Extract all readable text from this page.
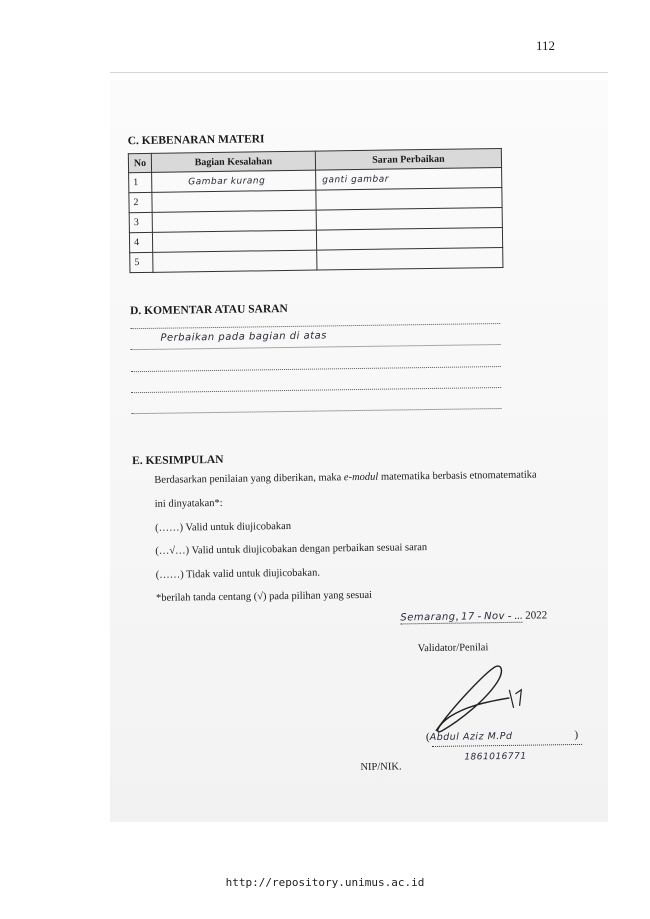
112
C. KEBENARAN MATERI
No	Bagian Kesalahan	Saran Perbaikan
1	Gambar kurang	ganti gambar
2		
3		
4		
5		
D. KOMENTAR ATAU SARAN
Perbaikan pada bagian di atas
E. KESIMPULAN
Berdasarkan penilaian yang diberikan, maka e-modul matematika berbasis etnomatematika
ini dinyatakan*:
(……) Valid untuk diujicobakan
(…√…) Valid untuk diujicobakan dengan perbaikan sesuai saran
(……) Tidak valid untuk diujicobakan.
*berilah tanda centang (√) pada pilihan yang sesuai
Semarang, 17 - Nov - ... 2022
Validator/Penilai
(Abdul Aziz M.Pd	)
1861016771
NIP/NIK.
http://repository.unimus.ac.id
